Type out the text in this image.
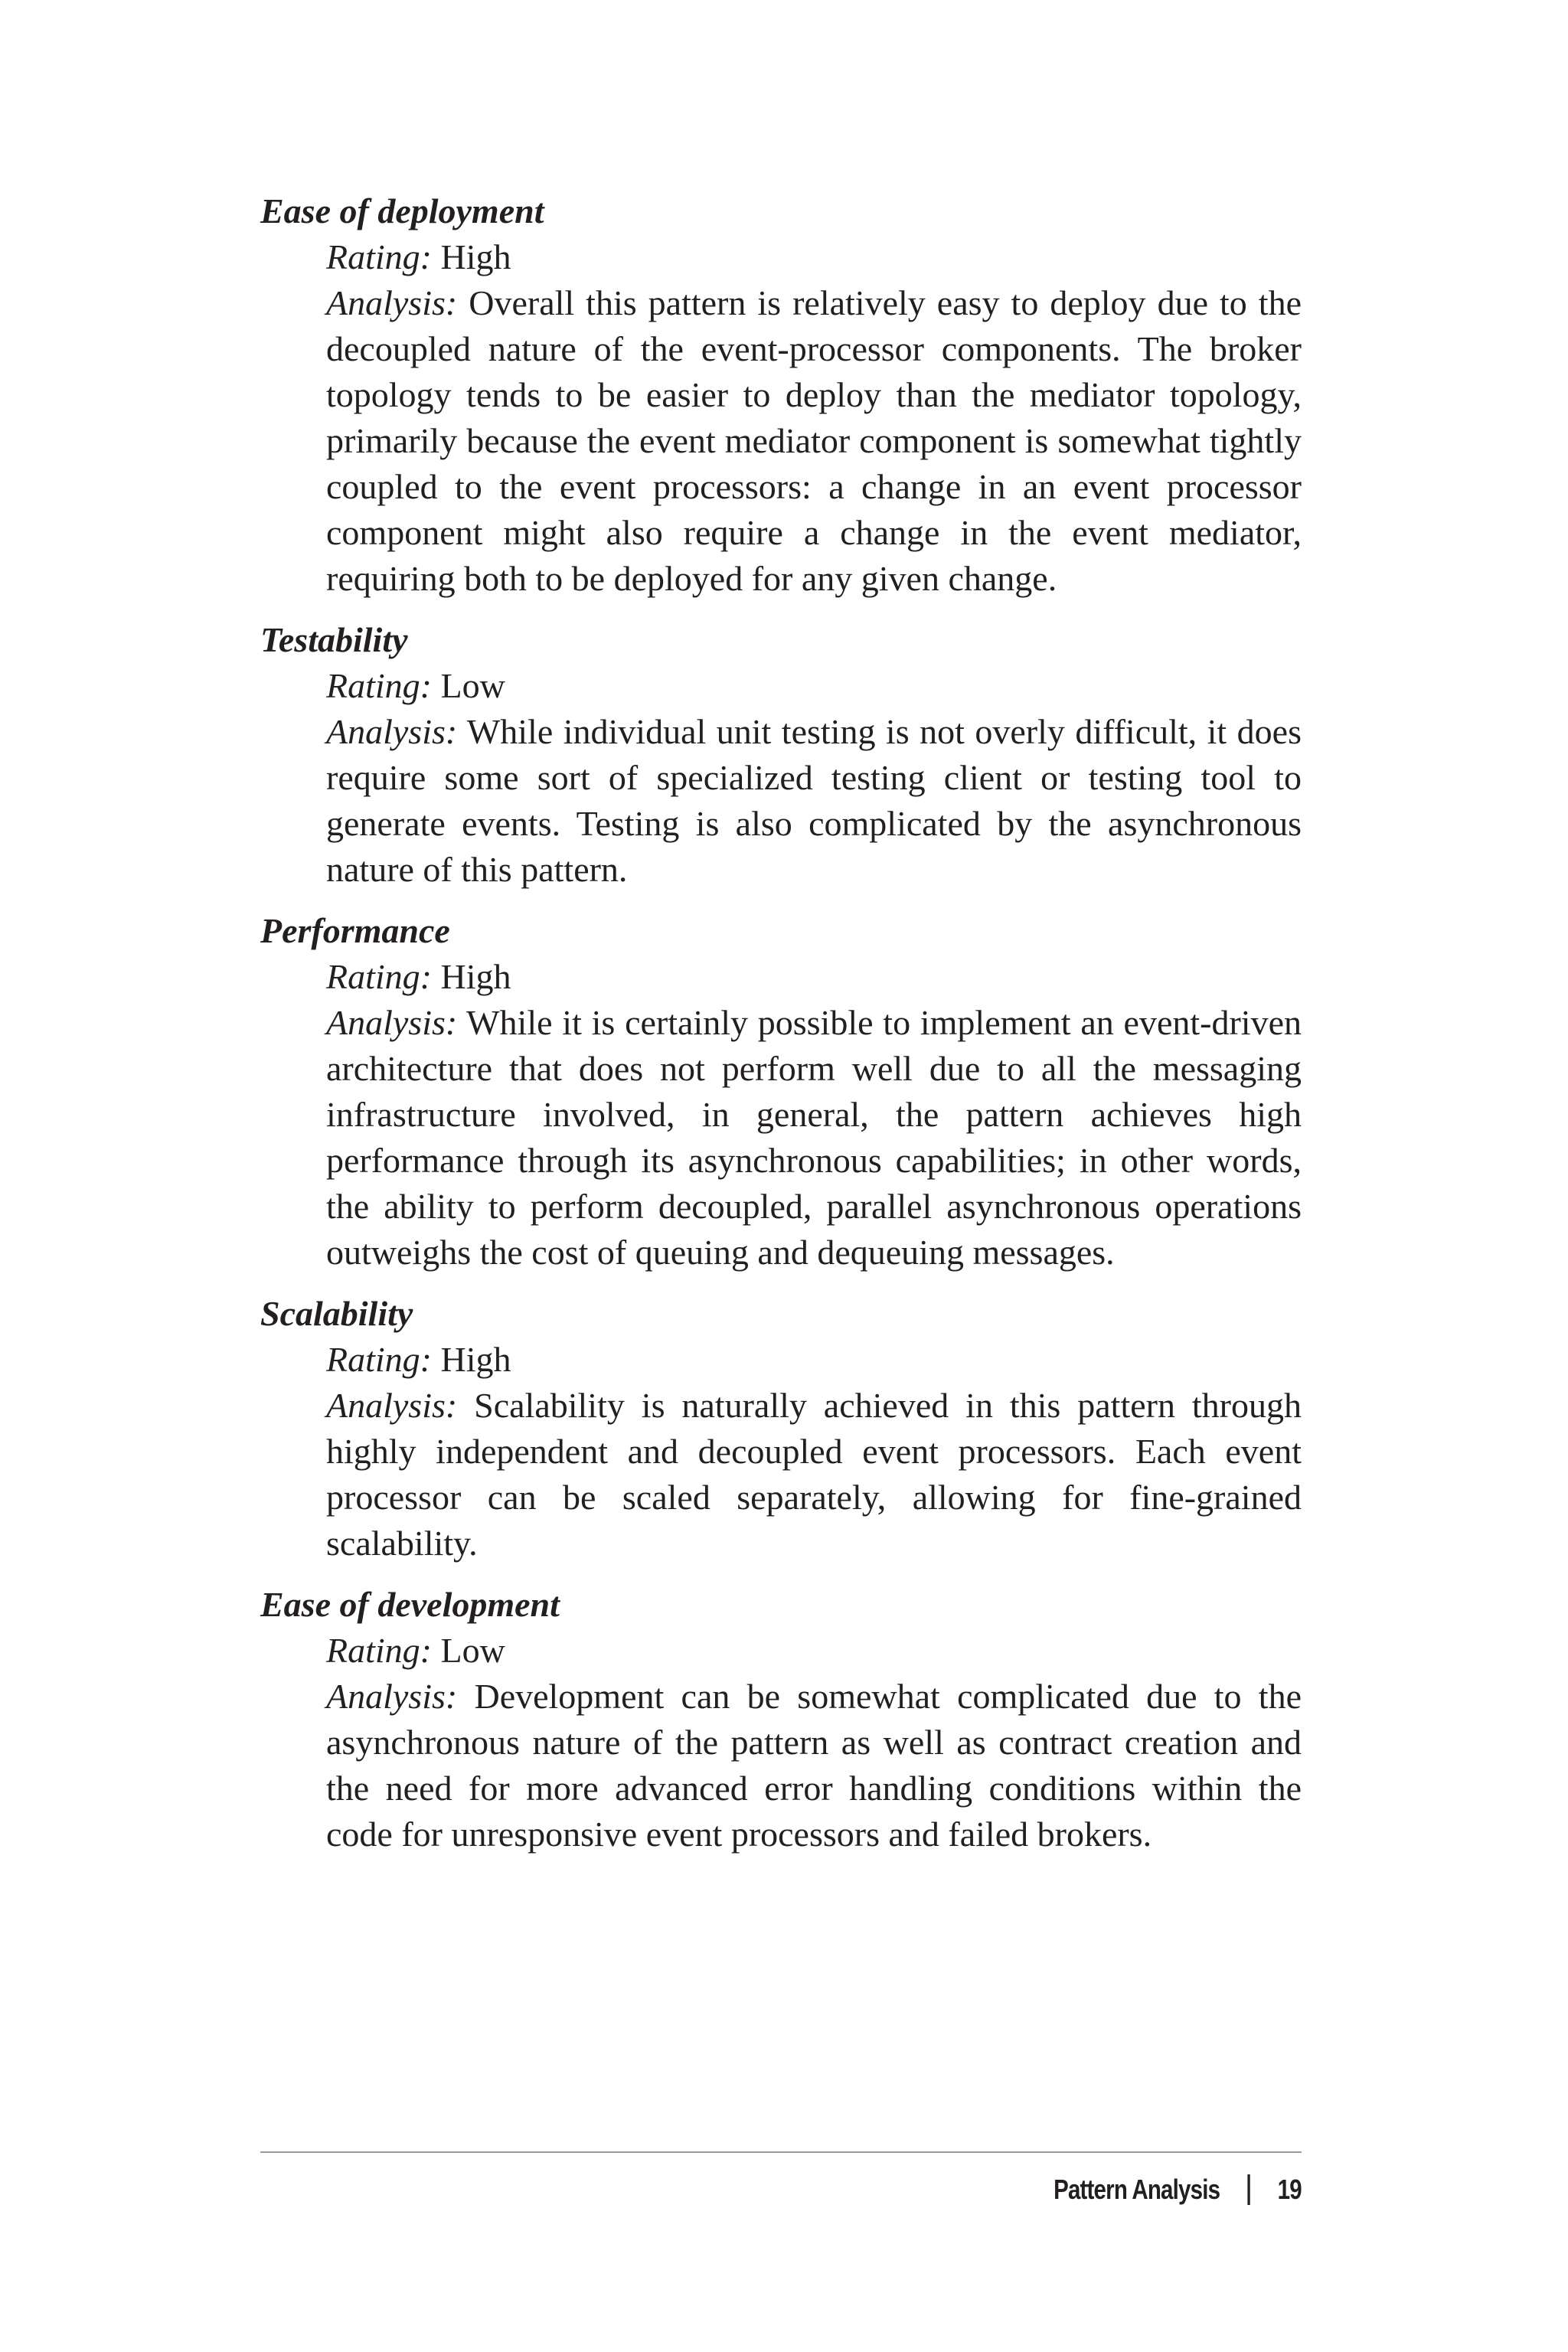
Ease of deployment

Rating: High

Analysis: Overall this pattern is relatively easy to deploy due to the decoupled nature of the event-processor components. The broker topology tends to be easier to deploy than the mediator topology, primarily because the event mediator component is somewhat tightly coupled to the event processors: a change in an event processor component might also require a change in the event mediator, requiring both to be deployed for any given change.

Testability

Rating: Low

Analysis: While individual unit testing is not overly difficult, it does require some sort of specialized testing client or testing tool to generate events. Testing is also complicated by the asynchronous nature of this pattern.

Performance

Rating: High

Analysis: While it is certainly possible to implement an event-driven architecture that does not perform well due to all the messaging infrastructure involved, in general, the pattern achieves high performance through its asynchronous capabilities; in other words, the ability to perform decoupled, parallel asynchronous operations outweighs the cost of queuing and dequeuing messages.

Scalability

Rating: High

Analysis: Scalability is naturally achieved in this pattern through highly independent and decoupled event processors. Each event processor can be scaled separately, allowing for fine-grained scalability.

Ease of development

Rating: Low

Analysis: Development can be somewhat complicated due to the asynchronous nature of the pattern as well as contract creation and the need for more advanced error handling conditions within the code for unresponsive event processors and failed brokers.

Pattern Analysis 19
